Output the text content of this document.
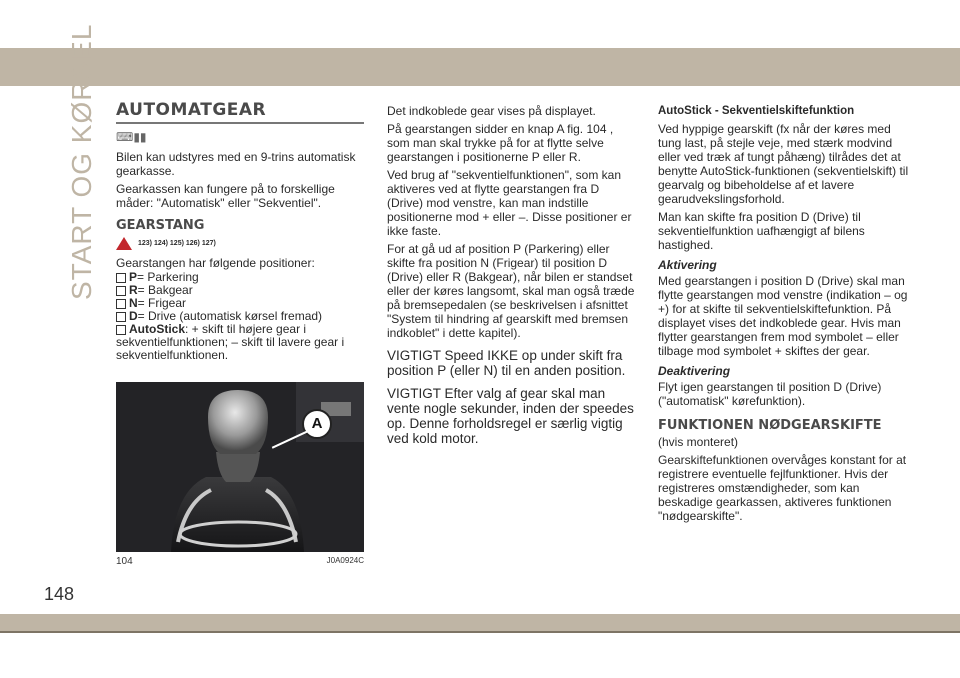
START OG KØRSEL
148
AUTOMATGEAR
⌨︎▮▮

Bilen kan udstyres med en 9-trins automatisk gearkasse.

Gearkassen kan fungere på to forskellige måder: "Automatisk" eller "Sekventiel".

GEARSTANG
123) 124) 125) 126) 127)

Gearstangen har følgende positioner:

P= Parkering
R= Bakgear
N= Frigear
D= Drive (automatisk kørsel fremad)
AutoStick: + skift til højere gear i sekventielfunktionen; – skift til lavere gear i sekventielfunktionen.
A
104	J0A0924C

Det indkoblede gear vises på displayet.

På gearstangen sidder en knap A fig. 104 , som man skal trykke på for at flytte selve gearstangen i positionerne P eller R.

Ved brug af "sekventielfunktionen", som kan aktiveres ved at flytte gearstangen fra D (Drive) mod venstre, kan man indstille positionerne mod + eller –. Disse positioner er ikke faste.

For at gå ud af position P (Parkering) eller skifte fra position N (Frigear) til position D (Drive) eller R (Bakgear), når bilen er standset eller der køres langsomt, skal man også træde på bremsepedalen (se beskrivelsen i afsnittet "System til hindring af gearskift med bremsen indkoblet" i dette kapitel).

VIGTIGT Speed IKKE op under skift fra position P (eller N) til en anden position.

VIGTIGT Efter valg af gear skal man vente nogle sekunder, inden der speedes op. Denne forholdsregel er særlig vigtig ved kold motor.

AutoStick - Sekventielskiftefunktion

Ved hyppige gearskift (fx når der køres med tung last, på stejle veje, med stærk modvind eller ved træk af tungt påhæng) tilrådes det at benytte AutoStick-funktionen (sekventielskift) til gearvalg og bibeholdelse af et lavere gearudvekslingsforhold.

Man kan skifte fra position D (Drive) til sekventielfunktion uafhængigt af bilens hastighed.

Aktivering

Med gearstangen i position D (Drive) skal man flytte gearstangen mod venstre (indikation – og +) for at skifte til sekventielskiftefunktion. På displayet vises det indkoblede gear. Hvis man flytter gearstangen frem mod symbolet – eller tilbage mod symbolet + skiftes der gear.

Deaktivering

Flyt igen gearstangen til position D (Drive) ("automatisk" kørefunktion).

FUNKTIONEN NØDGEARSKIFTE

(hvis monteret)

Gearskiftefunktionen overvåges konstant for at registrere eventuelle fejlfunktioner. Hvis der registreres omstændigheder, som kan beskadige gearkassen, aktiveres funktionen "nødgearskifte".
